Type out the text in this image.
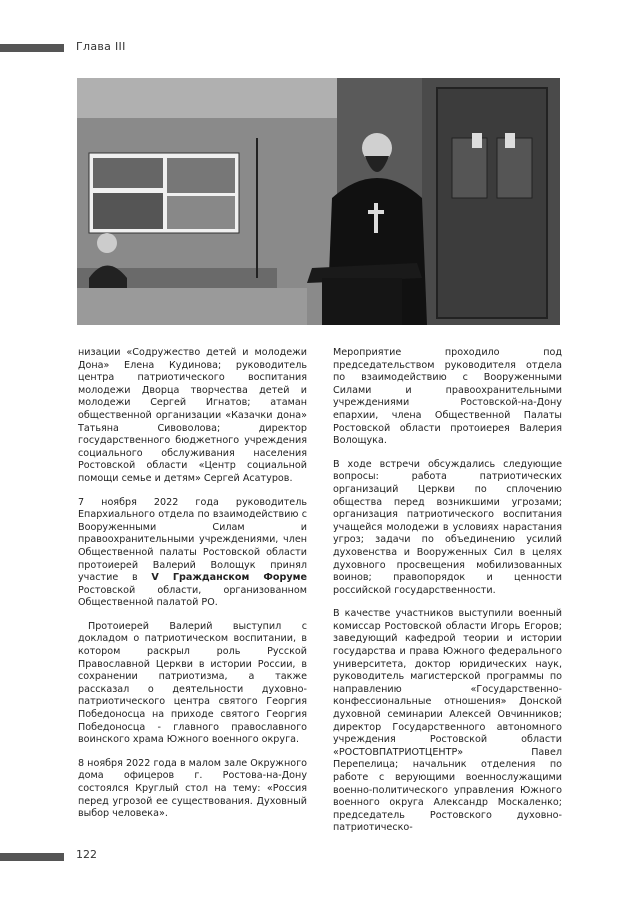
Глава III

низации «Содружество детей и молодежи Дона» Елена Кудинова; руководитель центра патриотического воспитания молодежи Дворца творчества детей и молодежи Сергей Игнатов; атаман общественной организации «Казачки дона» Татьяна Сивоволова; директор государственного бюджетного учреждения социального обслуживания населения Ростовской области «Центр социальной помощи семье и детям» Сергей Асатуров.

7 ноября 2022 года руководитель Епархиального отдела по взаимодействию с Вооруженными Силам и правоохранительными учреждениями, член Общественной палаты Ростовской области протоиерей Валерий Волощук принял участие в V Гражданском Форуме Ростовской области, организованном Общественной палатой РО.

Протоиерей Валерий выступил с докладом о патриотическом воспитании, в котором раскрыл роль Русской Православной Церкви в истории России, в сохранении патриотизма, а также рассказал о деятельности духовно-патриотического центра святого Георгия Победоносца на приходе святого Георгия Победоносца - главного православного воинского храма Южного военного округа.

8 ноября 2022 года в малом зале Окружного дома офицеров г. Ростова-на-Дону состоялся Круглый стол на тему: «Россия перед угрозой ее существования. Духовный выбор человека».

Мероприятие проходило под председательством руководителя отдела по взаимодействию с Вооруженными Силами и правоохранительными учреждениями Ростовской-на-Дону епархии, члена Общественной Палаты Ростовской области протоиерея Валерия Волощука.

В ходе встречи обсуждались следующие вопросы: работа патриотических организаций Церкви по сплочению общества перед возникшими угрозами; организация патриотического воспитания учащейся молодежи в условиях нарастания угроз; задачи по объединению усилий духовенства и Вооруженных Сил в целях духовного просвещения мобилизованных воинов; правопорядок и ценности российской государственности.

В качестве участников выступили военный комиссар Ростовской области Игорь Егоров; заведующий кафедрой теории и истории государства и права Южного федерального университета, доктор юридических наук, руководитель магистерской программы по направлению «Государственно- конфессиональные отношения» Донской духовной семинарии Алексей Овчинников; директор Государственного автономного учреждения Ростовской области «РОСТОВПАТРИОТЦЕНТР» Павел Перепелица; начальник отделения по работе с верующими военнослужащими военно-политического управления Южного военного округа Александр Москаленко; председатель Ростовского духовно-патриотическо-

122
